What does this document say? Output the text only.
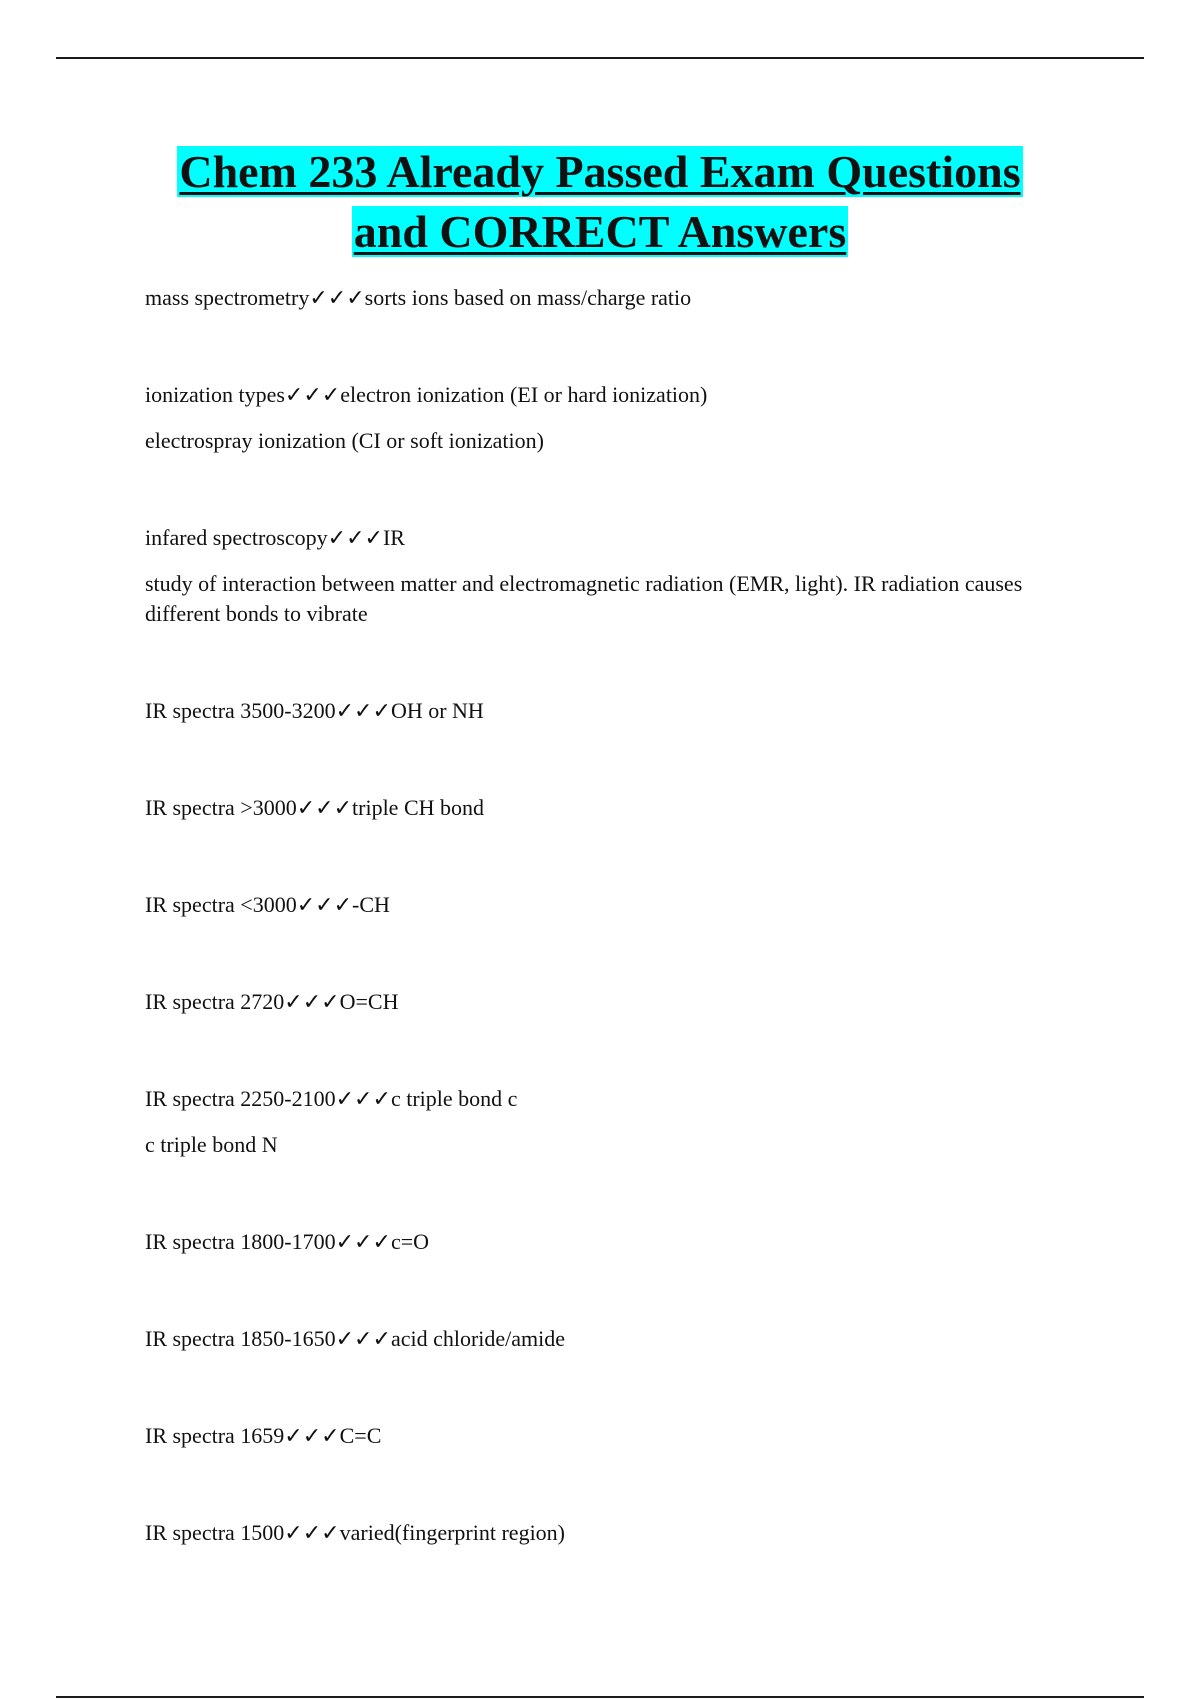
Chem 233 Already Passed Exam Questions
and CORRECT Answers
mass spectrometry✓✓✓sorts ions based on mass/charge ratio
ionization types✓✓✓electron ionization (EI or hard ionization)
electrospray ionization (CI or soft ionization)
infared spectroscopy✓✓✓IR
study of interaction between matter and electromagnetic radiation (EMR, light). IR radiation causes different bonds to vibrate
IR spectra 3500-3200✓✓✓OH or NH
IR spectra >3000✓✓✓triple CH bond
IR spectra <3000✓✓✓-CH
IR spectra 2720✓✓✓O=CH
IR spectra 2250-2100✓✓✓c triple bond c
c triple bond N
IR spectra 1800-1700✓✓✓c=O
IR spectra 1850-1650✓✓✓acid chloride/amide
IR spectra 1659✓✓✓C=C
IR spectra 1500✓✓✓varied(fingerprint region)
